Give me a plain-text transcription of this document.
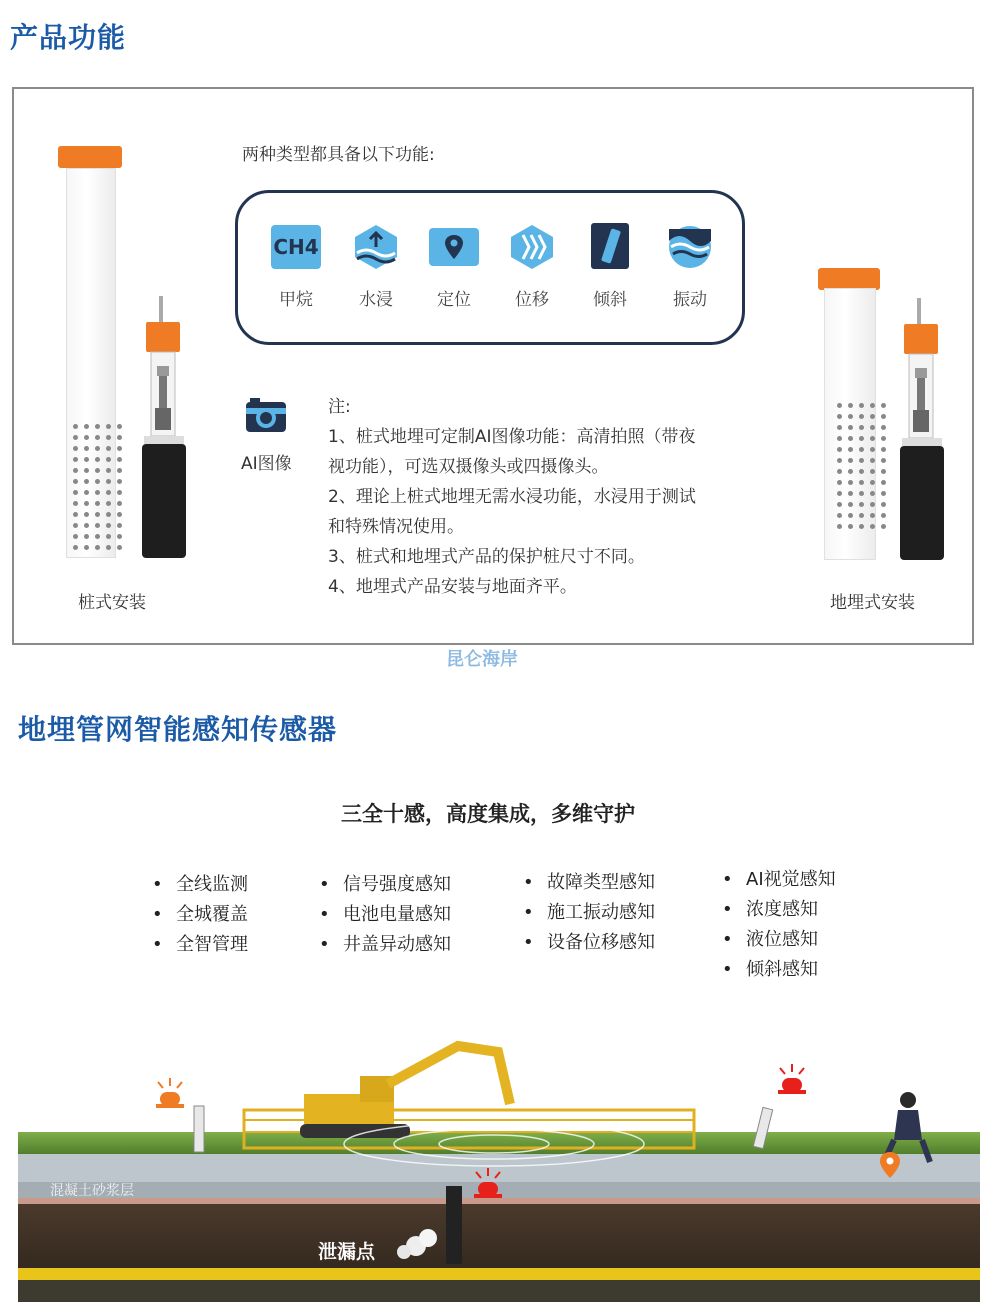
产品功能
桩式安装
两种类型都具备以下功能:
CH4
甲烷	水浸	定位	位移	倾斜	振动
AI图像
注:
1、桩式地埋可定制AI图像功能：高清拍照（带夜
视功能），可选双摄像头或四摄像头。
2、理论上桩式地埋无需水浸功能，水浸用于测试
和特殊情况使用。
3、桩式和地埋式产品的保护桩尺寸不同。
4、地埋式产品安装与地面齐平。
地埋式安装
昆仑海岸
地埋管网智能感知传感器
三全十感，高度集成，多维守护
• 全线监测
• 全城覆盖
• 全智管理
• 信号强度感知
• 电池电量感知
• 井盖异动感知
• 故障类型感知
• 施工振动感知
• 设备位移感知
• AI视觉感知
• 浓度感知
• 液位感知
• 倾斜感知
混凝土砂浆层
泄漏点
